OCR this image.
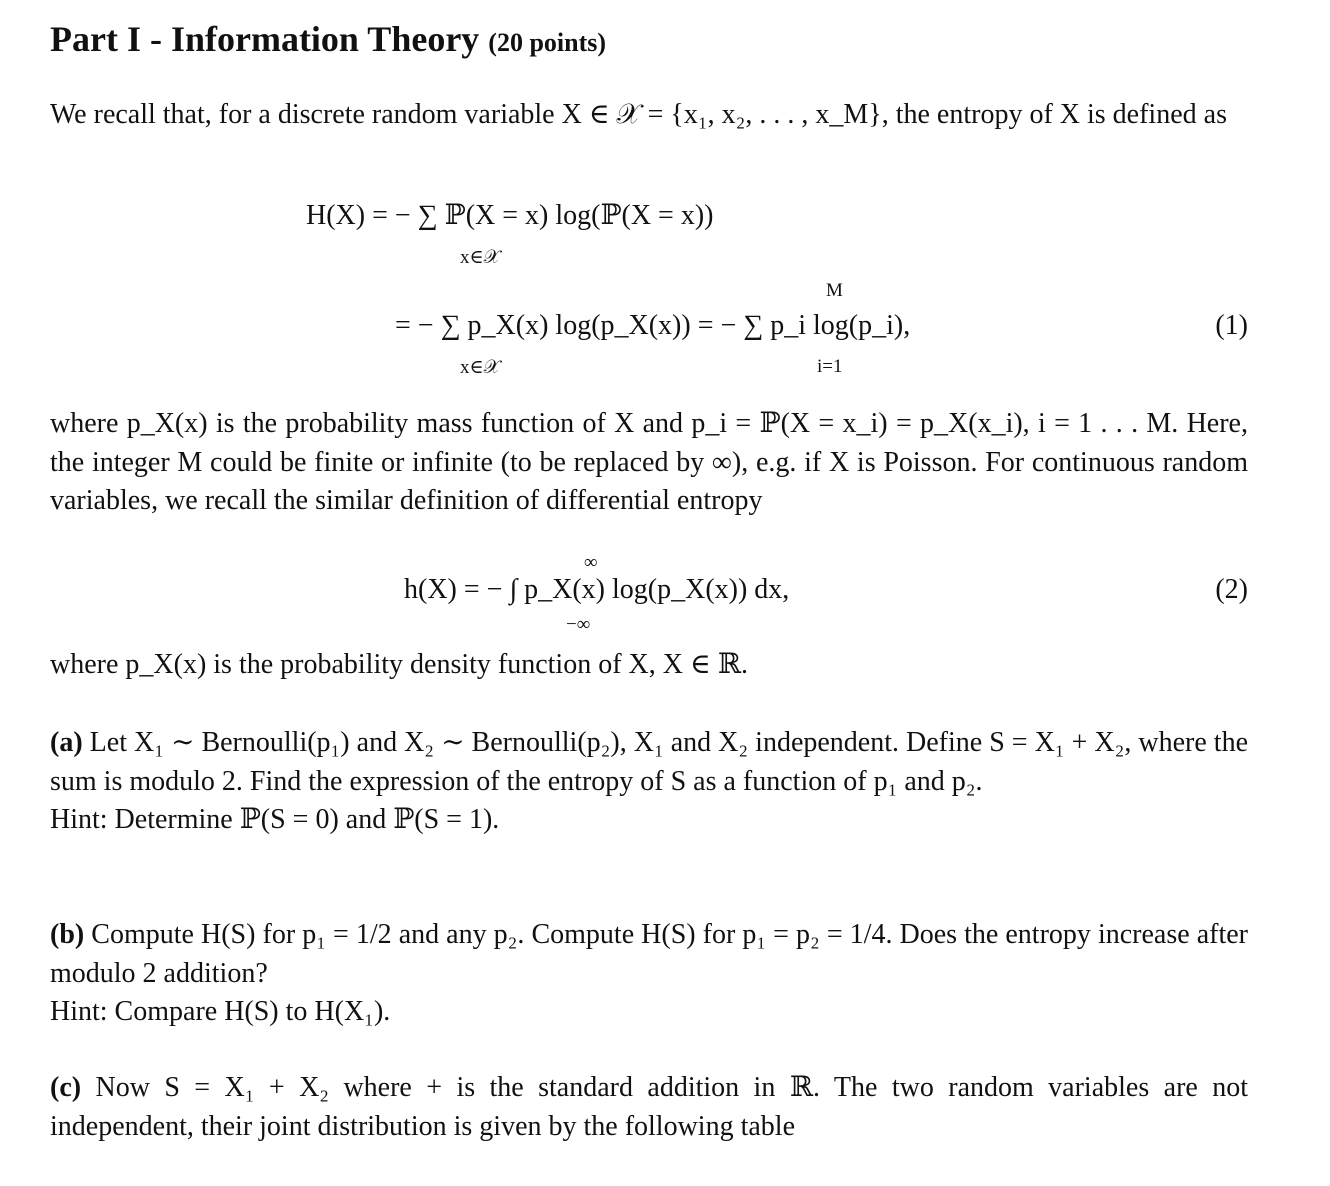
Part I - Information Theory (20 points)
We recall that, for a discrete random variable X ∈ 𝒳 = {x₁, x₂, . . . , x_M}, the entropy of X is defined as
H(X) = − ∑ ℙ(X = x) log(ℙ(X = x))
x∈𝒳
= − ∑ p_X(x) log(p_X(x)) = − ∑ p_i log(p_i),
x∈𝒳
M
i=1
(1)
where p_X(x) is the probability mass function of X and p_i = ℙ(X = x_i) = p_X(x_i), i = 1 . . . M. Here, the integer M could be finite or infinite (to be replaced by ∞), e.g. if X is Poisson. For continuous random variables, we recall the similar definition of differential entropy
h(X) = − ∫ p_X(x) log(p_X(x)) dx,
∞
−∞
(2)
where p_X(x) is the probability density function of X, X ∈ ℝ.
(a) Let X₁ ∼ Bernoulli(p₁) and X₂ ∼ Bernoulli(p₂), X₁ and X₂ independent. Define S = X₁ + X₂, where the sum is modulo 2. Find the expression of the entropy of S as a function of p₁ and p₂.
Hint: Determine ℙ(S = 0) and ℙ(S = 1).
(b) Compute H(S) for p₁ = 1/2 and any p₂. Compute H(S) for p₁ = p₂ = 1/4. Does the entropy increase after modulo 2 addition?
Hint: Compare H(S) to H(X₁).
(c) Now S = X₁ + X₂ where + is the standard addition in ℝ. The two random variables are not independent, their joint distribution is given by the following table
